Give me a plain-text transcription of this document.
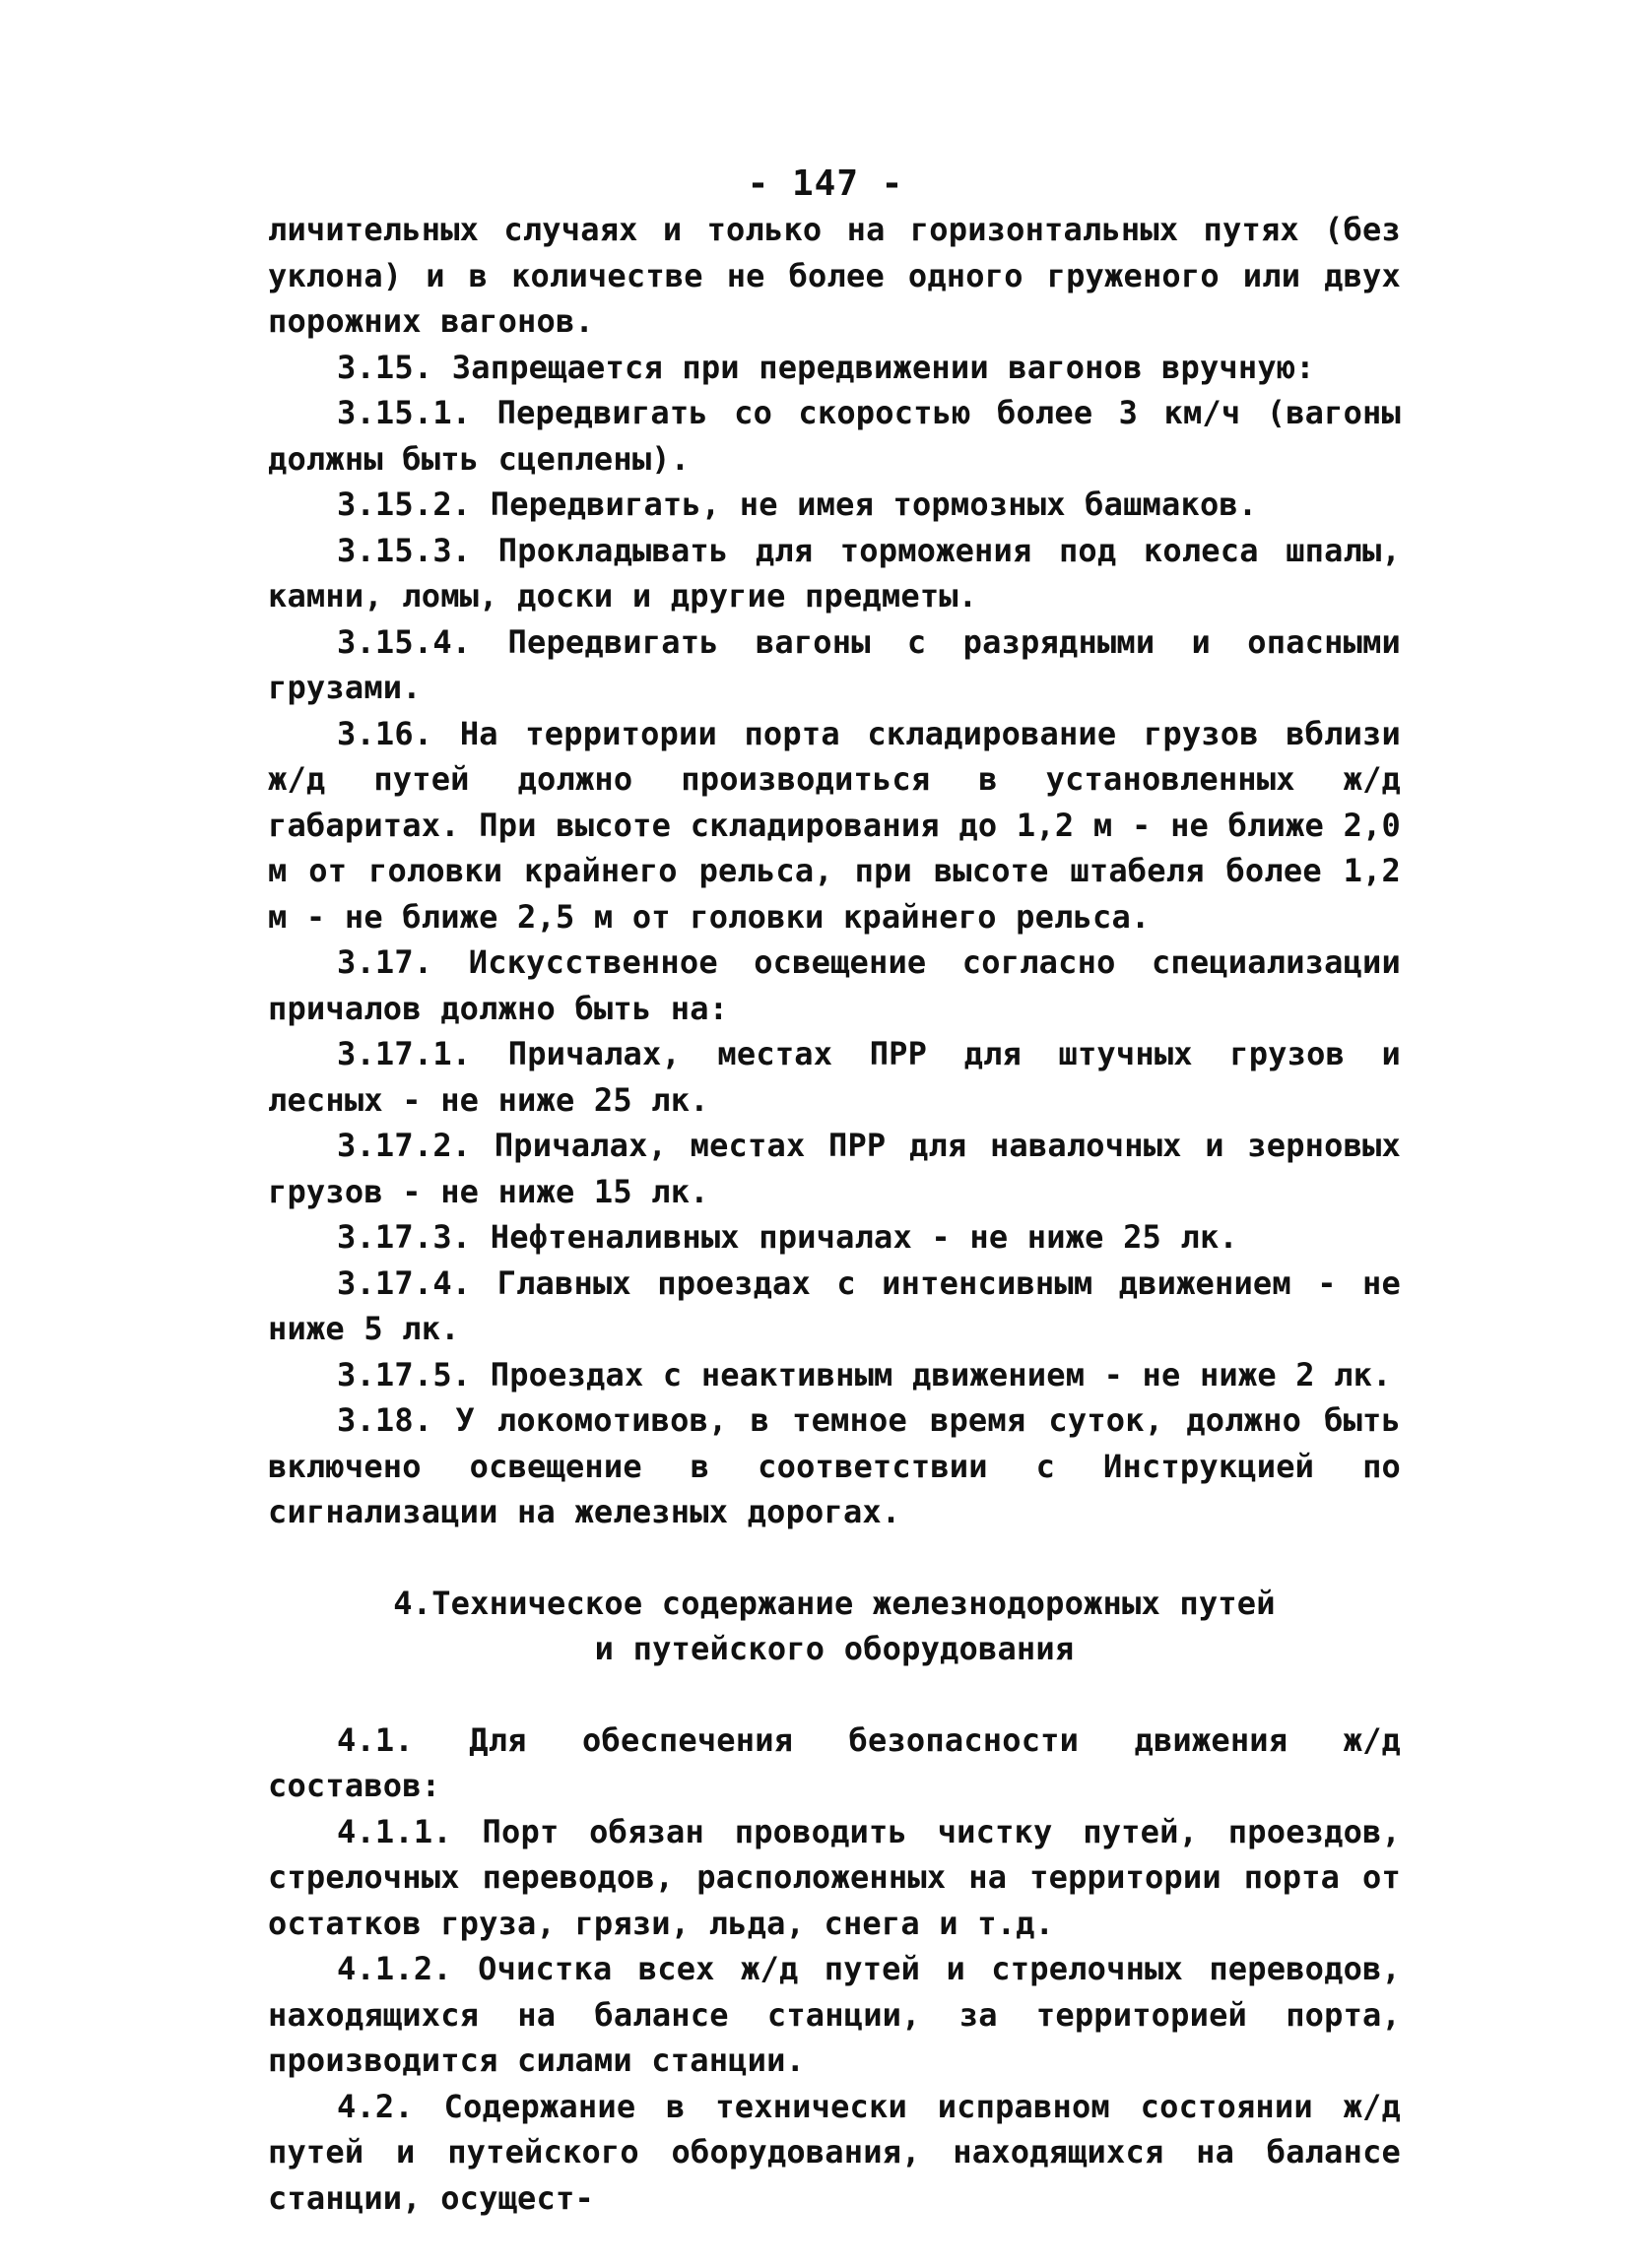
- 147 -

личительных случаях и только на горизонтальных путях (без уклона) и в количестве не более одного груженого или двух порожних вагонов.

3.15. Запрещается при передвижении вагонов вручную:

3.15.1. Передвигать со скоростью более 3 км/ч (вагоны должны быть сцеплены).

3.15.2. Передвигать, не имея тормозных башмаков.

3.15.3. Прокладывать для торможения под колеса шпалы, камни, ломы, доски и другие предметы.

3.15.4. Передвигать вагоны с разрядными и опасными грузами.

3.16. На территории порта складирование грузов вблизи ж/д путей должно производиться в установленных ж/д габаритах. При высоте складирования до 1,2 м - не ближе 2,0 м от головки крайнего рельса, при высоте штабеля более 1,2 м - не ближе 2,5 м от головки крайнего рельса.

3.17. Искусственное освещение согласно специализации причалов должно быть на:

3.17.1. Причалах, местах ПРР для штучных грузов и лесных - не ниже 25 лк.

3.17.2. Причалах, местах ПРР для навалочных и зерновых грузов - не ниже 15 лк.

3.17.3. Нефтеналивных причалах - не ниже 25 лк.

3.17.4. Главных проездах с интенсивным движением - не ниже 5 лк.

3.17.5. Проездах с неактивным движением - не ниже 2 лк.

3.18. У локомотивов, в темное время суток, должно быть включено освещение в соответствии с Инструкцией по сигнализации на железных дорогах.

4.Техническое содержание железнодорожных путей
и путейского оборудования

4.1. Для обеспечения безопасности движения ж/д составов:

4.1.1. Порт обязан проводить чистку путей, проездов, стрелочных переводов, расположенных на территории порта от остатков груза, грязи, льда, снега и т.д.

4.1.2. Очистка всех ж/д путей и стрелочных переводов, находящихся на балансе станции, за территорией порта, производится силами станции.

4.2. Содержание в технически исправном состоянии ж/д путей и путейского оборудования, находящихся на балансе станции, осущест-
